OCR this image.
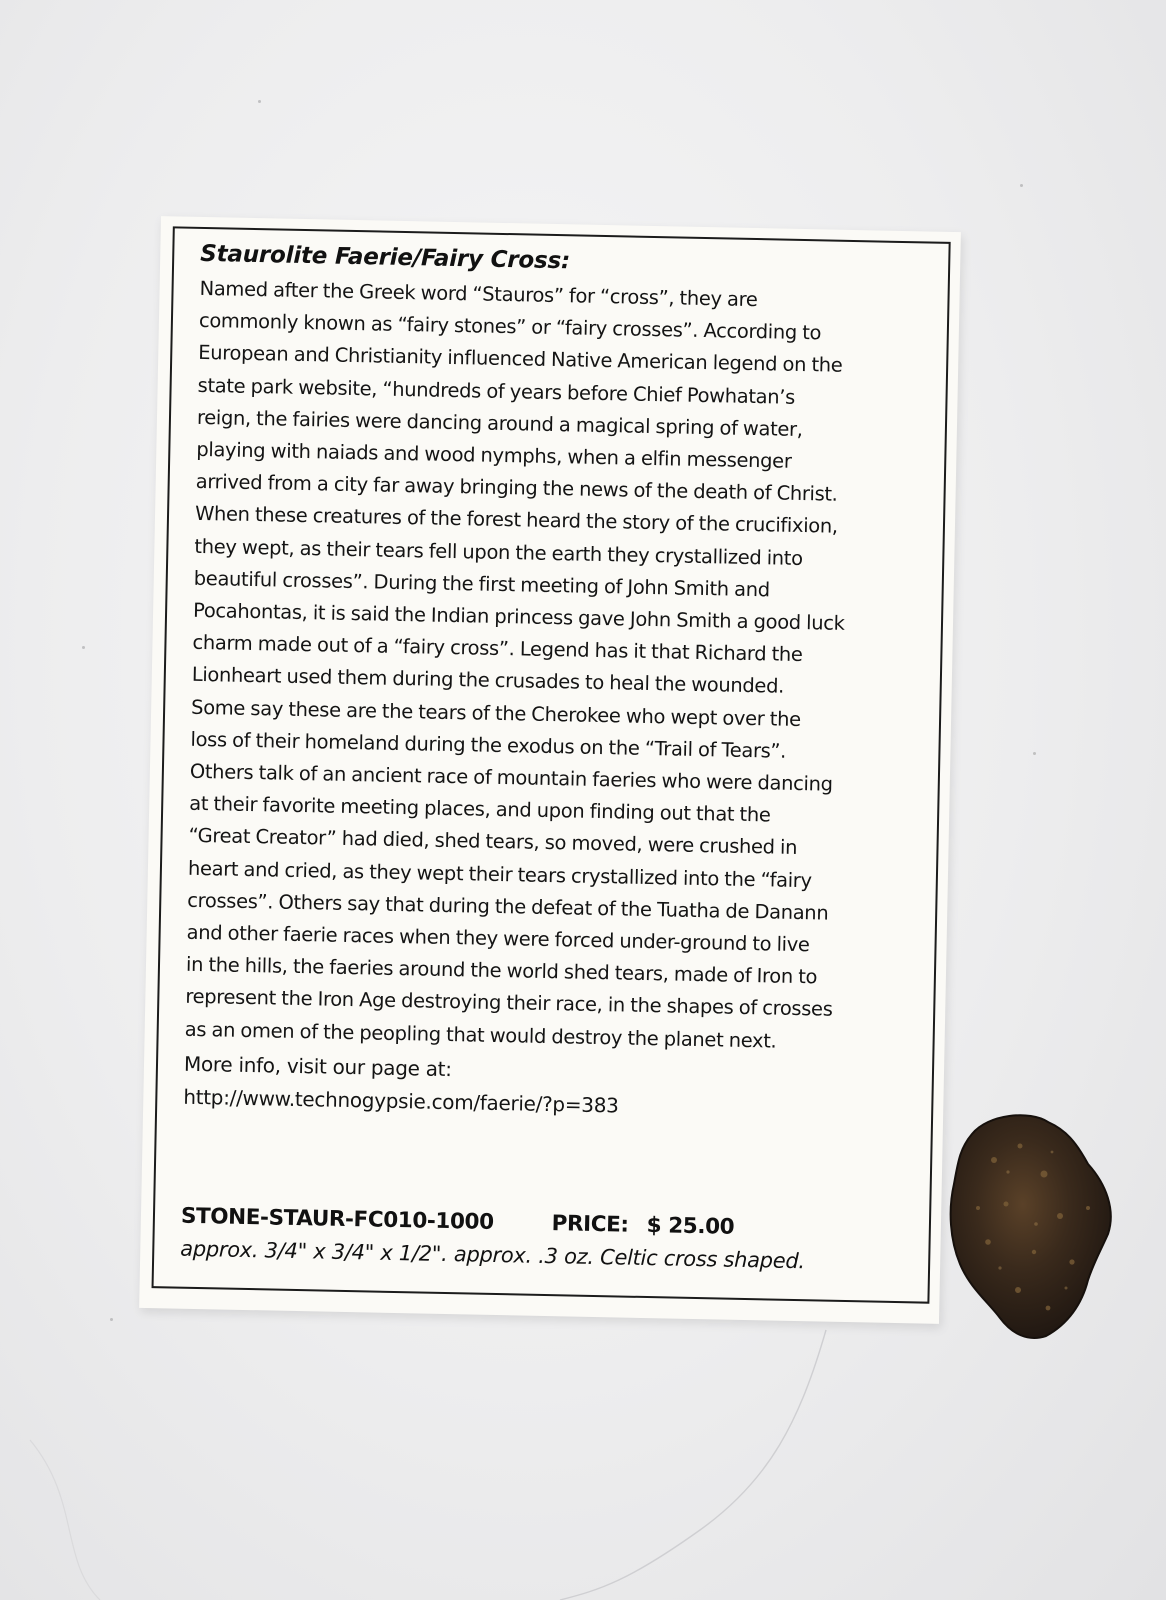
Staurolite Faerie/Fairy Cross:
Named after the Greek word “Stauros” for “cross”, they are
commonly known as “fairy stones” or “fairy crosses”. According to
European and Christianity influenced Native American legend on the
state park website, “hundreds of years before Chief Powhatan’s
reign, the fairies were dancing around a magical spring of water,
playing with naiads and wood nymphs, when a elfin messenger
arrived from a city far away bringing the news of the death of Christ.
When these creatures of the forest heard the story of the crucifixion,
they wept, as their tears fell upon the earth they crystallized into
beautiful crosses”. During the first meeting of John Smith and
Pocahontas, it is said the Indian princess gave John Smith a good luck
charm made out of a “fairy cross”. Legend has it that Richard the
Lionheart used them during the crusades to heal the wounded.
Some say these are the tears of the Cherokee who wept over the
loss of their homeland during the exodus on the “Trail of Tears”.
Others talk of an ancient race of mountain faeries who were dancing
at their favorite meeting places, and upon finding out that the
“Great Creator” had died, shed tears, so moved, were crushed in
heart and cried, as they wept their tears crystallized into the “fairy
crosses”. Others say that during the defeat of the Tuatha de Danann
and other faerie races when they were forced under-ground to live
in the hills, the faeries around the world shed tears, made of Iron to
represent the Iron Age destroying their race, in the shapes of crosses
as an omen of the peopling that would destroy the planet next.
More info, visit our page at:
http://www.technogypsie.com/faerie/?p=383
STONE-STAUR-FC010-1000	PRICE: $ 25.00
approx. 3/4" x 3/4" x 1/2". approx. .3 oz. Celtic cross shaped.
